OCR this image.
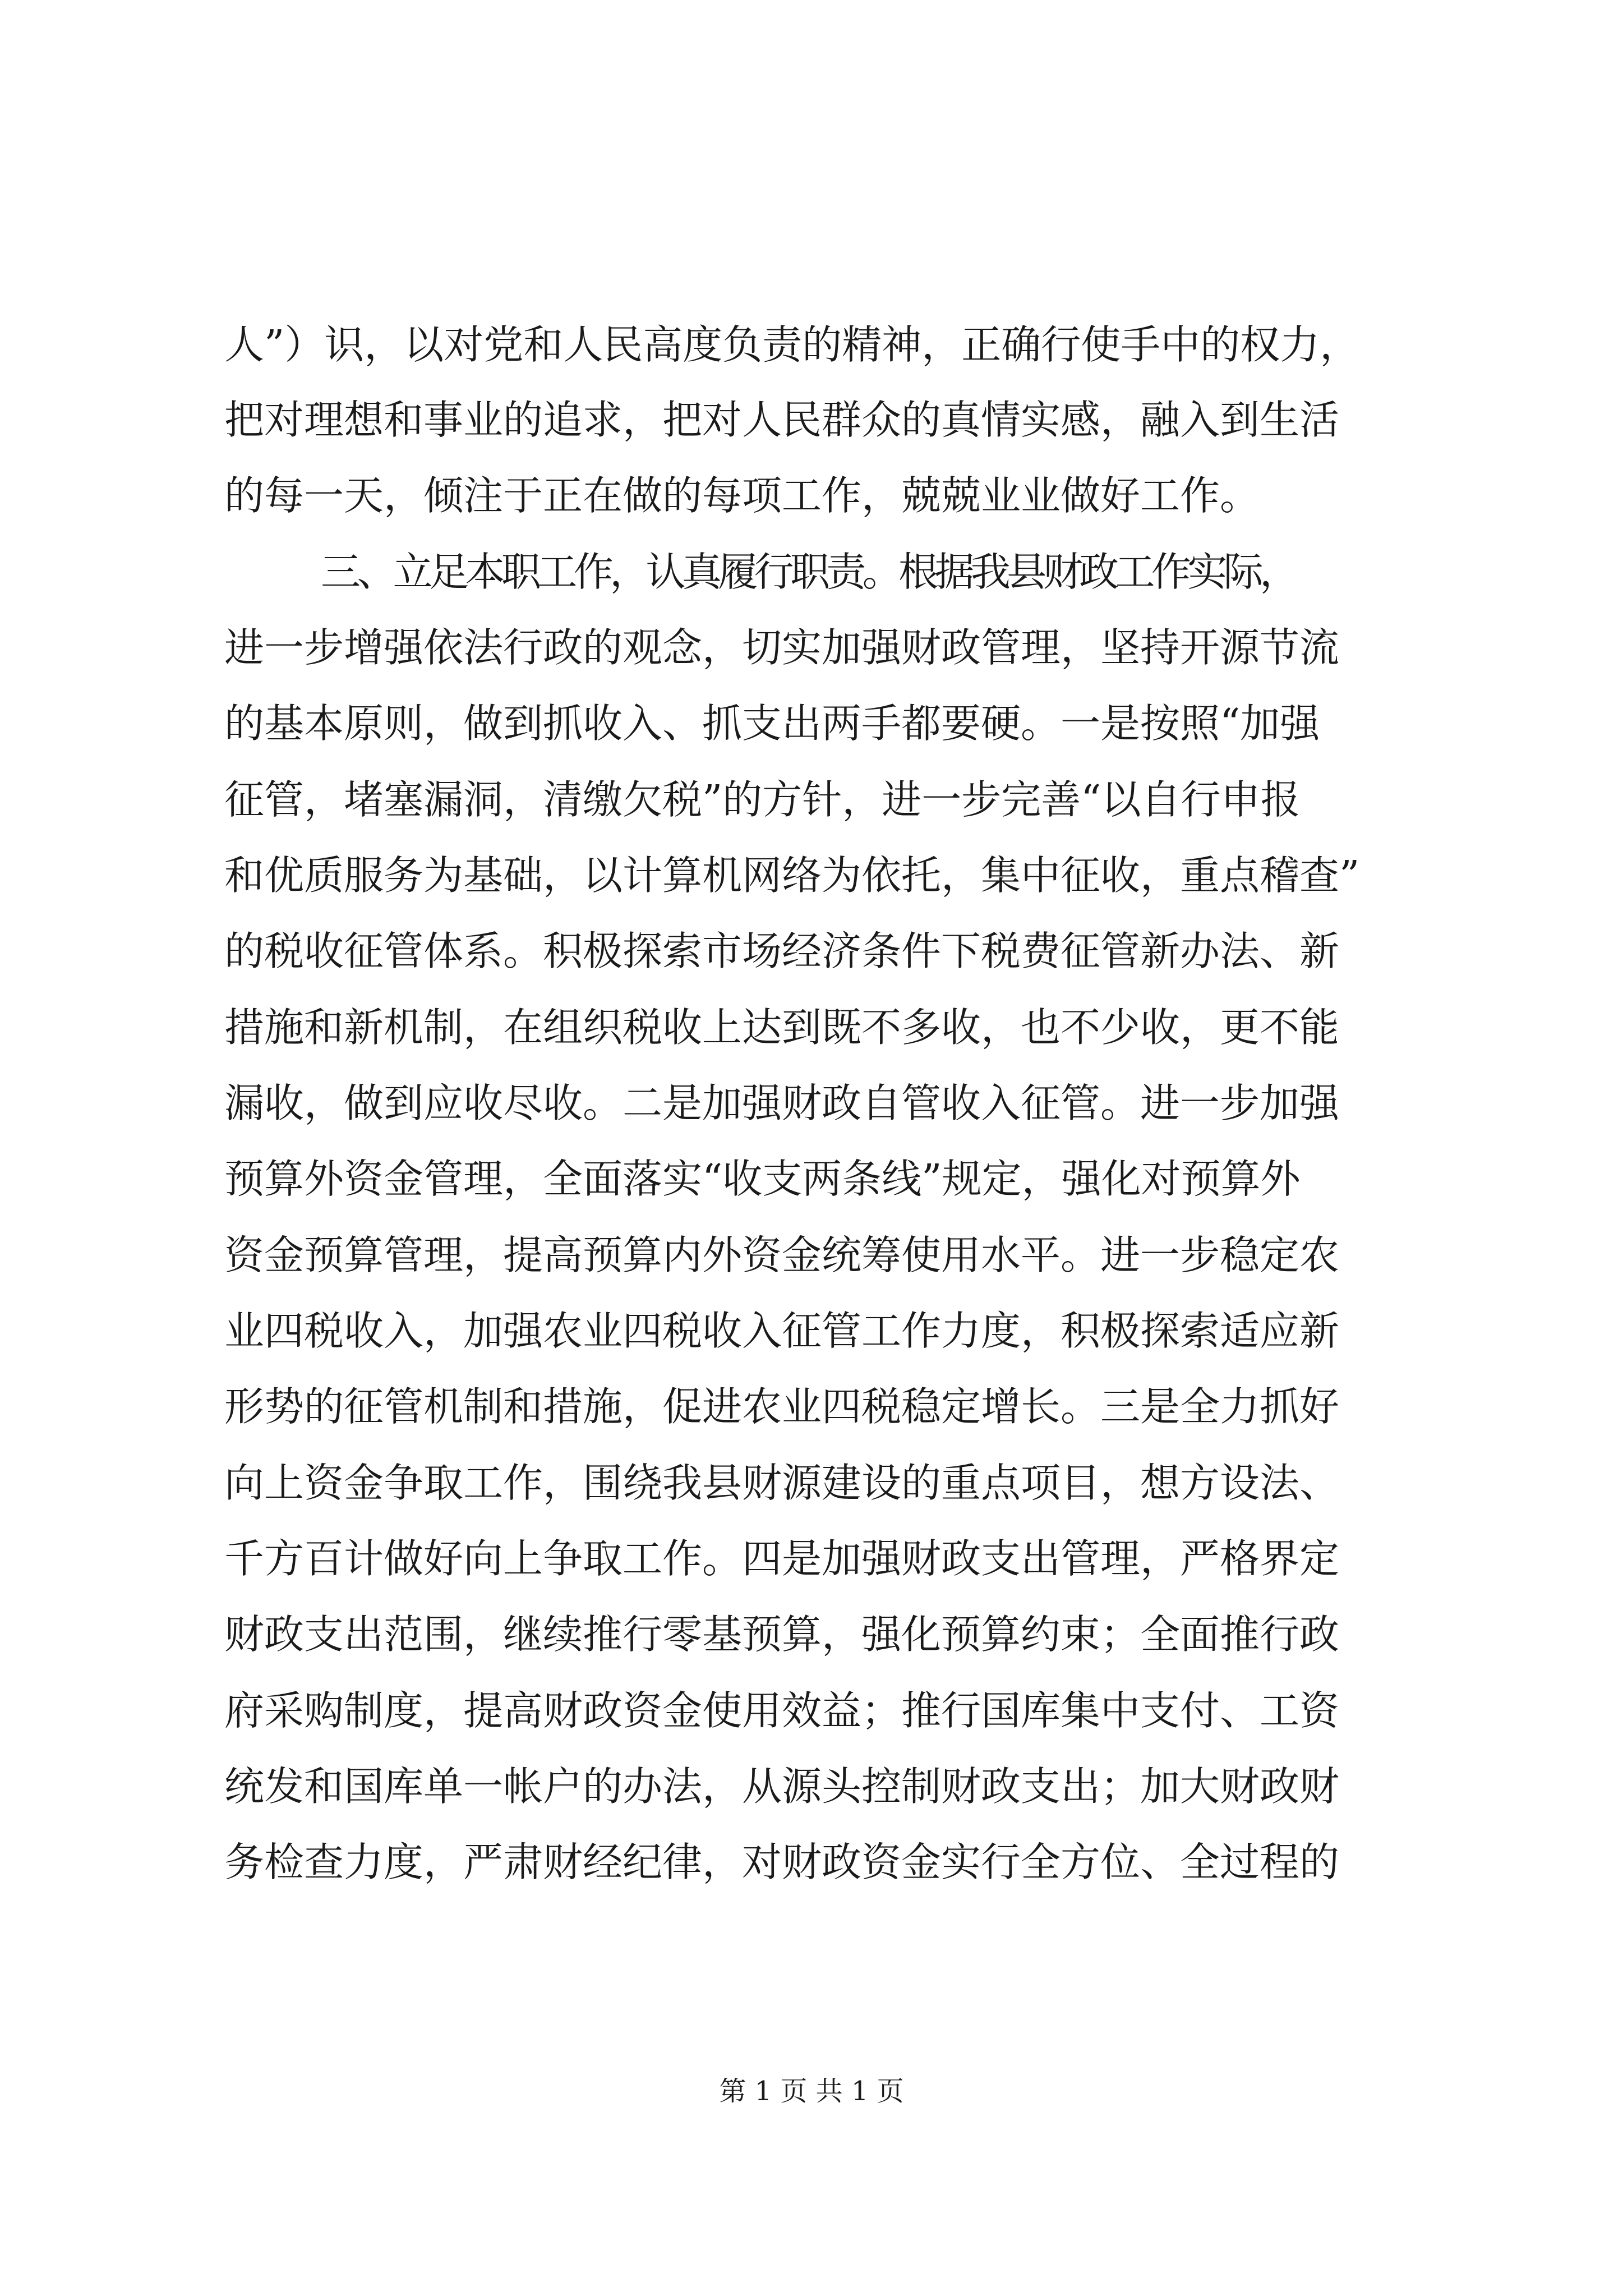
人”）识，以对党和人民高度负责的精神，正确行使手中的权力，
把对理想和事业的追求，把对人民群众的真情实感，融入到生活
的每一天，倾注于正在做的每项工作，兢兢业业做好工作。
三、立足本职工作，认真履行职责。根据我县财政工作实际，
进一步增强依法行政的观念，切实加强财政管理，坚持开源节流
的基本原则，做到抓收入、抓支出两手都要硬。一是按照“加强
征管，堵塞漏洞，清缴欠税”的方针，进一步完善“以自行申报
和优质服务为基础，以计算机网络为依托，集中征收，重点稽查”
的税收征管体系。积极探索市场经济条件下税费征管新办法、新
措施和新机制，在组织税收上达到既不多收，也不少收，更不能
漏收，做到应收尽收。二是加强财政自管收入征管。进一步加强
预算外资金管理，全面落实“收支两条线”规定，强化对预算外
资金预算管理，提高预算内外资金统筹使用水平。进一步稳定农
业四税收入，加强农业四税收入征管工作力度，积极探索适应新
形势的征管机制和措施，促进农业四税稳定增长。三是全力抓好
向上资金争取工作，围绕我县财源建设的重点项目，想方设法、
千方百计做好向上争取工作。四是加强财政支出管理，严格界定
财政支出范围，继续推行零基预算，强化预算约束；全面推行政
府采购制度，提高财政资金使用效益；推行国库集中支付、工资
统发和国库单一帐户的办法，从源头控制财政支出；加大财政财
务检查力度，严肃财经纪律，对财政资金实行全方位、全过程的
第 1 页 共 1 页
